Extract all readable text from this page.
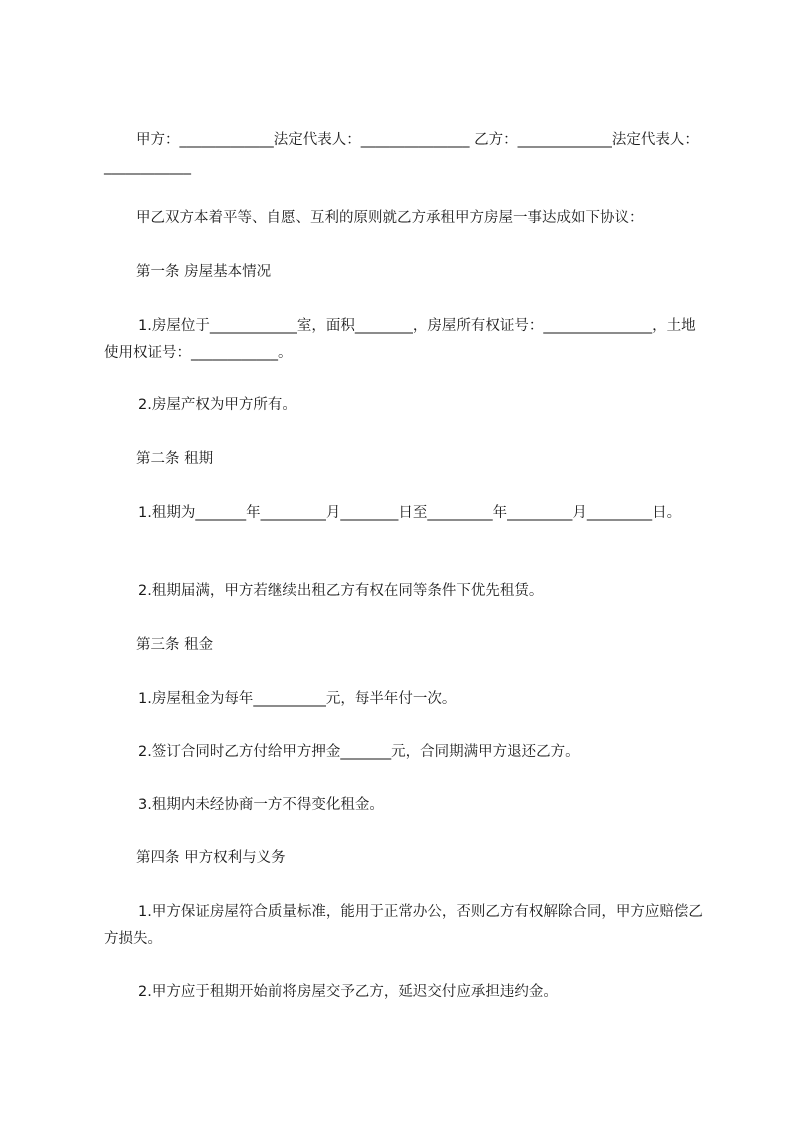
甲方：_____________法定代表人：_______________ 乙方：_____________法定代表人：____________

甲乙双方本着平等、自愿、互利的原则就乙方承租甲方房屋一事达成如下协议：

第一条 房屋基本情况

1.房屋位于____________室，面积________，房屋所有权证号：_______________，土地使用权证号：____________。

2.房屋产权为甲方所有。

第二条 租期

1.租期为_______年_________月________日至_________年_________月_________日。

2.租期届满，甲方若继续出租乙方有权在同等条件下优先租赁。

第三条 租金

1.房屋租金为每年__________元，每半年付一次。

2.签订合同时乙方付给甲方押金_______元，合同期满甲方退还乙方。

3.租期内未经协商一方不得变化租金。

第四条 甲方权利与义务

1.甲方保证房屋符合质量标准，能用于正常办公，否则乙方有权解除合同，甲方应赔偿乙方损失。

2.甲方应于租期开始前将房屋交予乙方，延迟交付应承担违约金。
